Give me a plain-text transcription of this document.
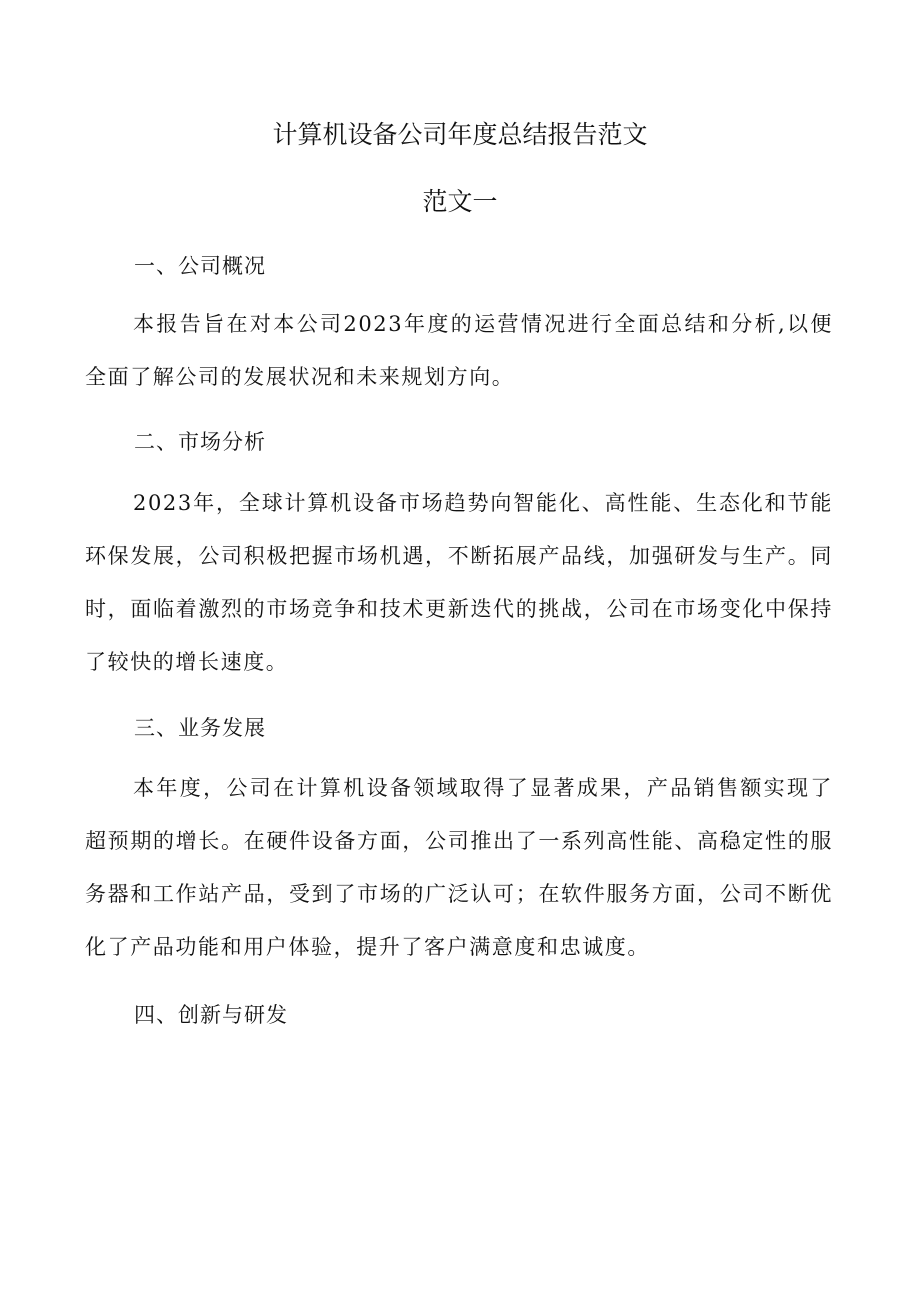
计算机设备公司年度总结报告范文
范文一
一、公司概况

本报告旨在对本公司2023年度的运营情况进行全面总结和分析,以便全面了解公司的发展状况和未来规划方向。

二、市场分析

2023年，全球计算机设备市场趋势向智能化、高性能、生态化和节能环保发展，公司积极把握市场机遇，不断拓展产品线，加强研发与生产。同时，面临着激烈的市场竞争和技术更新迭代的挑战，公司在市场变化中保持了较快的增长速度。

三、业务发展

本年度，公司在计算机设备领域取得了显著成果，产品销售额实现了超预期的增长。在硬件设备方面，公司推出了一系列高性能、高稳定性的服务器和工作站产品，受到了市场的广泛认可；在软件服务方面，公司不断优化了产品功能和用户体验，提升了客户满意度和忠诚度。

四、创新与研发
